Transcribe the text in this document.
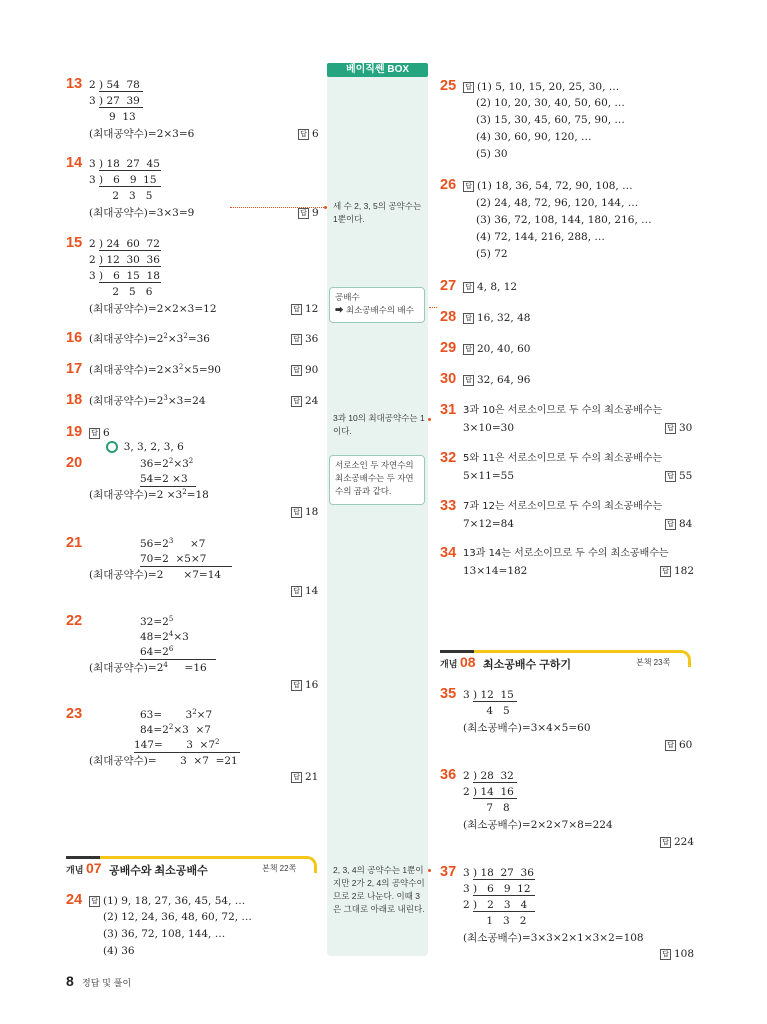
베이직쎈 BOX
세 수 2, 3, 5의 공약수는 1뿐이다.
공배수
➡ 최소공배수의 배수
3과 10의 최대공약수는 1이다.
서로소인 두 자연수의 최소공배수는 두 자연수의 곱과 같다.
2, 3, 4의 공약수는 1뿐이지만 2가 2, 4의 공약수이므로 2로 나눈다. 이때 3은 그대로 아래로 내린다.
13 2 ) 54  78
3 ) 27  39
9  13
(최대공약수)=2×3=6	답 6
14 3 ) 18  27  45
3 )   6   9  15
2   3   5
(최대공약수)=3×3=9	답 9
15 2 ) 24  60  72
2 ) 12  30  36
3 )   6  15  18
2   5   6
(최대공약수)=2×2×3=12	답 12
16 (최대공약수)$=2^2\times 3^2=36$	답 36
17 (최대공약수)$=2\times 3^2\times 5=90$	답 90
18 (최대공약수)$=2^3\times 3=24$	답 24
19	답 6
3, 3, 2, 3, 6
20	$36=2^2\times 3^2$
54=2 ×3
(최대공약수)$=2 \times 3^2=18$
답 18
21	$56=2^3$     ×7
70=2  ×5×7
(최대공약수)=2      ×7=14
답 14
22	$32=2^5$
$48=2^4\times 3$
$64=2^6$
(최대공약수)$=2^4$     =16
답 16
23	63=       $3^2\times 7$
$84=2^2\times 3 \times 7$
147=       $3 \times 7^2$
(최대공약수)=       3  ×7  =21
답 21
개념 07 공배수와 최소공배수	본책 22쪽
24	답 (1) 9, 18, 27, 36, 45, 54, …
(2) 12, 24, 36, 48, 60, 72, …
(3) 36, 72, 108, 144, …
(4) 36
25	답 (1) 5, 10, 15, 20, 25, 30, …
(2) 10, 20, 30, 40, 50, 60, …
(3) 15, 30, 45, 60, 75, 90, …
(4) 30, 60, 90, 120, …
(5) 30
26	답 (1) 18, 36, 54, 72, 90, 108, …
(2) 24, 48, 72, 96, 120, 144, …
(3) 36, 72, 108, 144, 180, 216, …
(4) 72, 144, 216, 288, …
(5) 72
27	답 4, 8, 12
28	답 16, 32, 48
29	답 20, 40, 60
30	답 32, 64, 96
31 3과 10은 서로소이므로 두 수의 최소공배수는
3×10=30	답 30
32 5와 11은 서로소이므로 두 수의 최소공배수는
5×11=55	답 55
33 7과 12는 서로소이므로 두 수의 최소공배수는
7×12=84	답 84
34 13과 14는 서로소이므로 두 수의 최소공배수는
13×14=182	답 182
개념 08 최소공배수 구하기	본책 23쪽
35 3 ) 12  15
4   5
(최소공배수)=3×4×5=60
답 60
36 2 ) 28  32
2 ) 14  16
7   8
(최소공배수)=2×2×7×8=224
답 224
37 3 ) 18  27  36
3 )   6   9  12
2 )   2   3   4
1   3   2
(최소공배수)=3×3×2×1×3×2=108
답 108
8 정답 및 풀이
